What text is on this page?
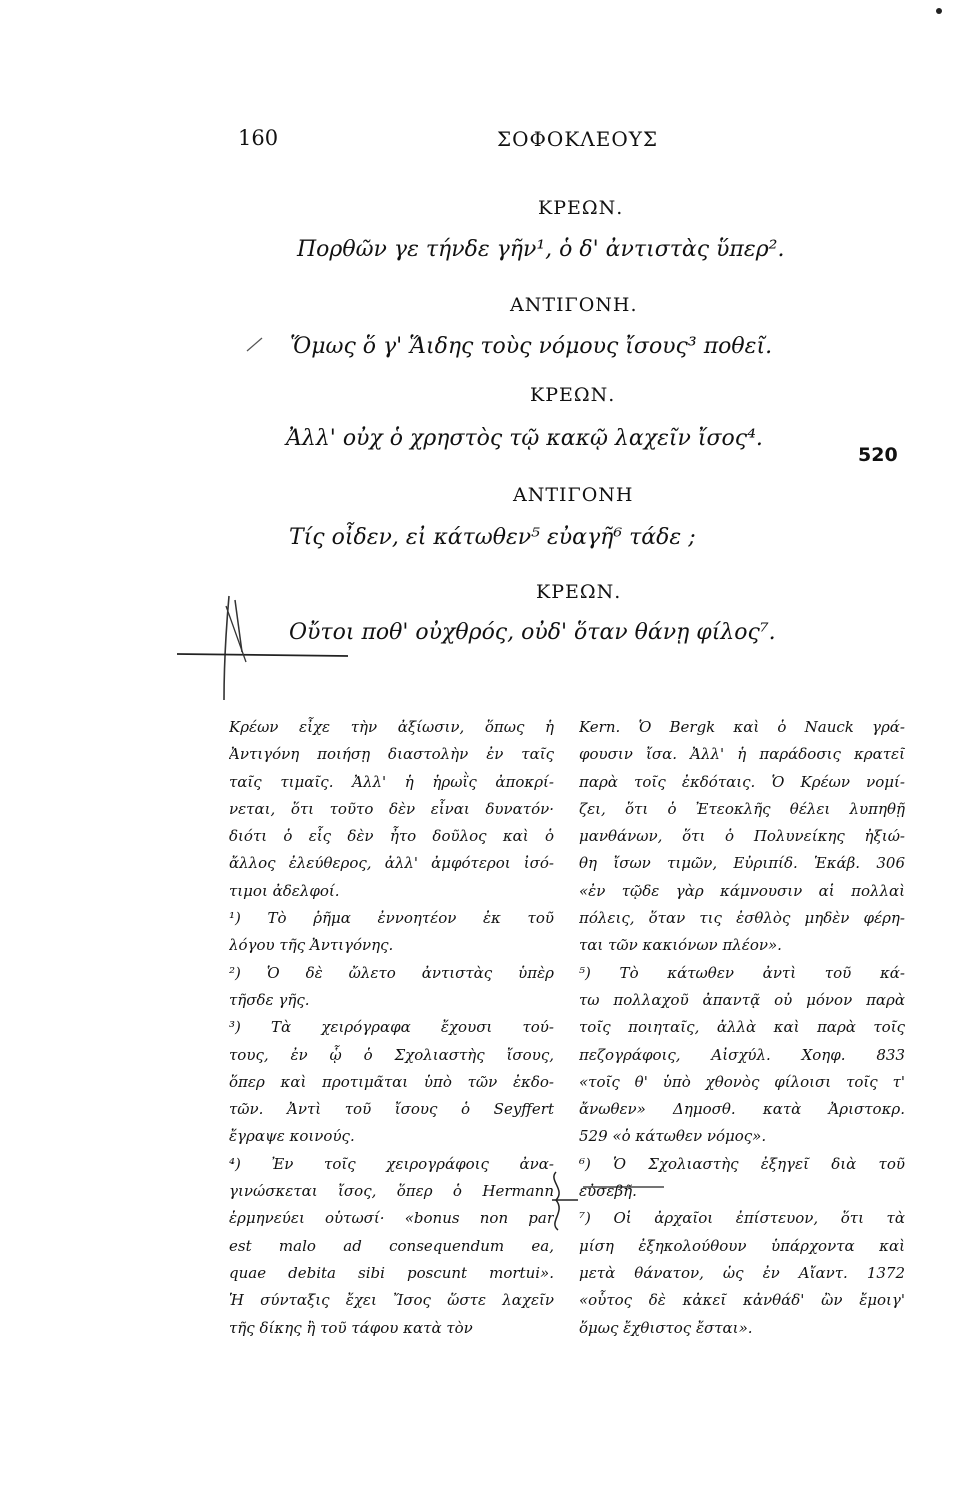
160	ΣΟΦΟΚΛΕΟΥΣ
ΚΡΕΩΝ.
Πορθῶν γε τήνδε γῆν¹, ὁ δ' ἀντιστὰς ὕπερ².
ΑΝΤΙΓΟΝΗ.
Ὅμως ὅ γ' Ἅιδης τοὺς νόμους ἴσους³ ποθεῖ.
ΚΡΕΩΝ.
Ἀλλ' οὐχ ὁ χρηστὸς τῷ κακῷ λαχεῖν ἴσος⁴.
520
ΑΝΤΙΓΟΝΗ
Τίς οἶδεν, εἰ κάτωθεν⁵ εὐαγῆ⁶ τάδε ;
ΚΡΕΩΝ.
Οὔτοι ποθ' οὐχθρός, οὐδ' ὅταν θάνῃ φίλος⁷.
Κρέων εἶχε τὴν ἀξίωσιν, ὅπως ἡ
Ἀντιγόνη ποιήσῃ διαστολὴν ἐν ταῖς
ταῖς τιμαῖς. Ἀλλ' ἡ ἡρωῒς ἀποκρί-
νεται, ὅτι τοῦτο δὲν εἶναι δυνατόν·
διότι ὁ εἷς δὲν ἦτο δοῦλος καὶ ὁ
ἄλλος ἐλεύθερος, ἀλλ' ἀμφότεροι ἰσό-
τιμοι ἀδελφοί.
¹) Τὸ ῥῆμα ἐννοητέον ἐκ τοῦ
λόγου τῆς Ἀντιγόνης.
²) Ὁ δὲ ὤλετο ἀντιστὰς ὑπὲρ
τῆσδε γῆς.
³) Τὰ χειρόγραφα ἔχουσι τού-
τους, ἐν ᾧ ὁ Σχολιαστὴς ἴσους,
ὅπερ καὶ προτιμᾶται ὑπὸ τῶν ἐκδο-
τῶν. Ἀντὶ τοῦ ἴσους ὁ Seyffert
ἔγραψε κοινούς.
⁴) Ἐν τοῖς χειρογράφοις ἀνα-
γινώσκεται ἴσος, ὅπερ ὁ Hermann
ἑρμηνεύει οὑτωσί· «bonus non par
est malo ad consequendum ea,
quae debita sibi poscunt mortui».
Ἡ σύνταξις ἔχει Ἴσος ὥστε λαχεῖν
τῆς δίκης ἢ τοῦ τάφου κατὰ τὸν
Kern. Ὁ Bergk καὶ ὁ Nauck γρά-
φουσιν ἴσα. Ἀλλ' ἡ παράδοσις κρατεῖ
παρὰ τοῖς ἐκδόταις. Ὁ Κρέων νομί-
ζει, ὅτι ὁ Ἐτεοκλῆς θέλει λυπηθῇ
μανθάνων, ὅτι ὁ Πολυνείκης ἠξιώ-
θη ἴσων τιμῶν, Εὐριπίδ. Ἑκάβ. 306
«ἐν τῷδε γὰρ κάμνουσιν αἱ πολλαὶ
πόλεις, ὅταν τις ἐσθλὸς μηδὲν φέρη-
ται τῶν κακιόνων πλέον».
⁵) Τὸ κάτωθεν ἀντὶ τοῦ κά-
τω πολλαχοῦ ἀπαντᾷ οὐ μόνον παρὰ
τοῖς ποιηταῖς, ἀλλὰ καὶ παρὰ τοῖς
πεζογράφοις, Αἰσχύλ. Χοηφ. 833
«τοῖς θ' ὑπὸ χθονὸς φίλοισι τοῖς τ'
ἄνωθεν» Δημοσθ. κατὰ Ἀριστοκρ.
529 «ὁ κάτωθεν νόμος».
⁶) Ὁ Σχολιαστὴς ἐξηγεῖ διὰ τοῦ
εὐσεβῆ.
⁷) Οἱ ἀρχαῖοι ἐπίστευον, ὅτι τὰ
μίση ἐξηκολούθουν ὑπάρχοντα καὶ
μετὰ θάνατον, ὡς ἐν Αἴαντ. 1372
«οὗτος δὲ κἀκεῖ κἀνθάδ' ὢν ἔμοιγ'
ὅμως ἔχθιστος ἔσται».
